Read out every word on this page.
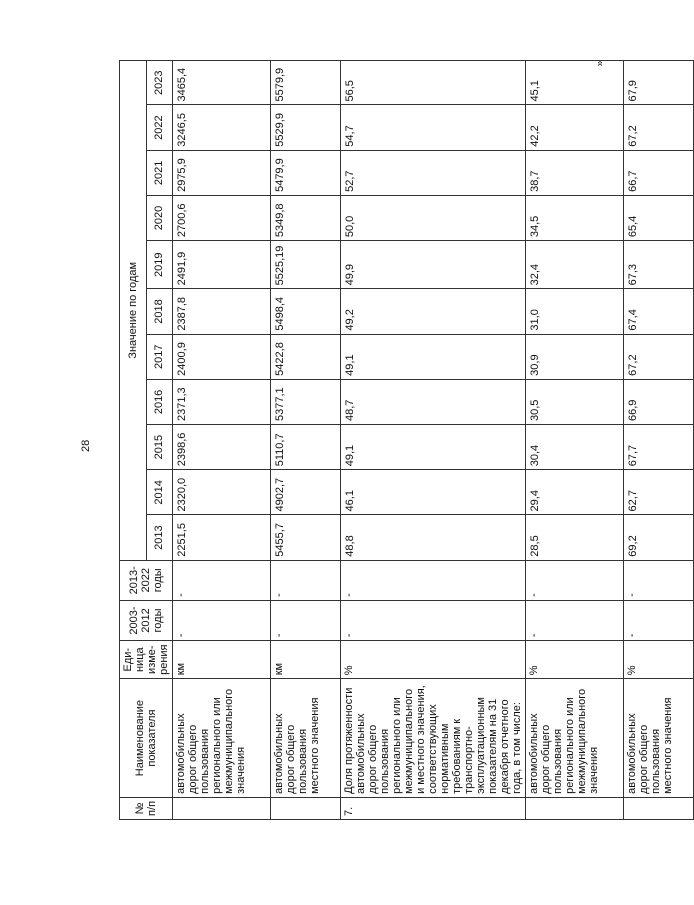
28
»
№ п/п	Наименование показателя	Еди-ница изме-рения	2003-2012 годы	2013-2022 годы	Значение по годам										
					2013	2014	2015	2016	2017	2018	2019	2020	2021	2022	2023
	автомобильных дорог общего пользования регионального или межмуниципального значения	км	-	-	2251,5	2320,0	2398,6	2371,3	2400,9	2387,8	2491,9	2700,6	2975,9	3246,5	3465,4
	автомобильных дорог общего пользования местного значения	км	-	-	5455,7	4902,7	5110,7	5377,1	5422,8	5498,4	5525,19	5349,8	5479,9	5529,9	5579,9
7.	Доля протяженности автомобильных дорог общего пользования регионального или межмуниципального и местного значения, соответствующих нормативным требованиям к транспортно-эксплуатационным показателям на 31 декабря отчетного года, в том числе:	%	-	-	48,8	46,1	49,1	48,7	49,1	49,2	49,9	50,0	52,7	54,7	56,5
	автомобильных дорог общего пользования регионального или межмуниципального значения	%	-	-	28,5	29,4	30,4	30,5	30,9	31,0	32,4	34,5	38,7	42,2	45,1
	автомобильных дорог общего пользования местного значения	%	-	-	69,2	62,7	67,7	66,9	67,2	67,4	67,3	65,4	66,7	67,2	67,9
